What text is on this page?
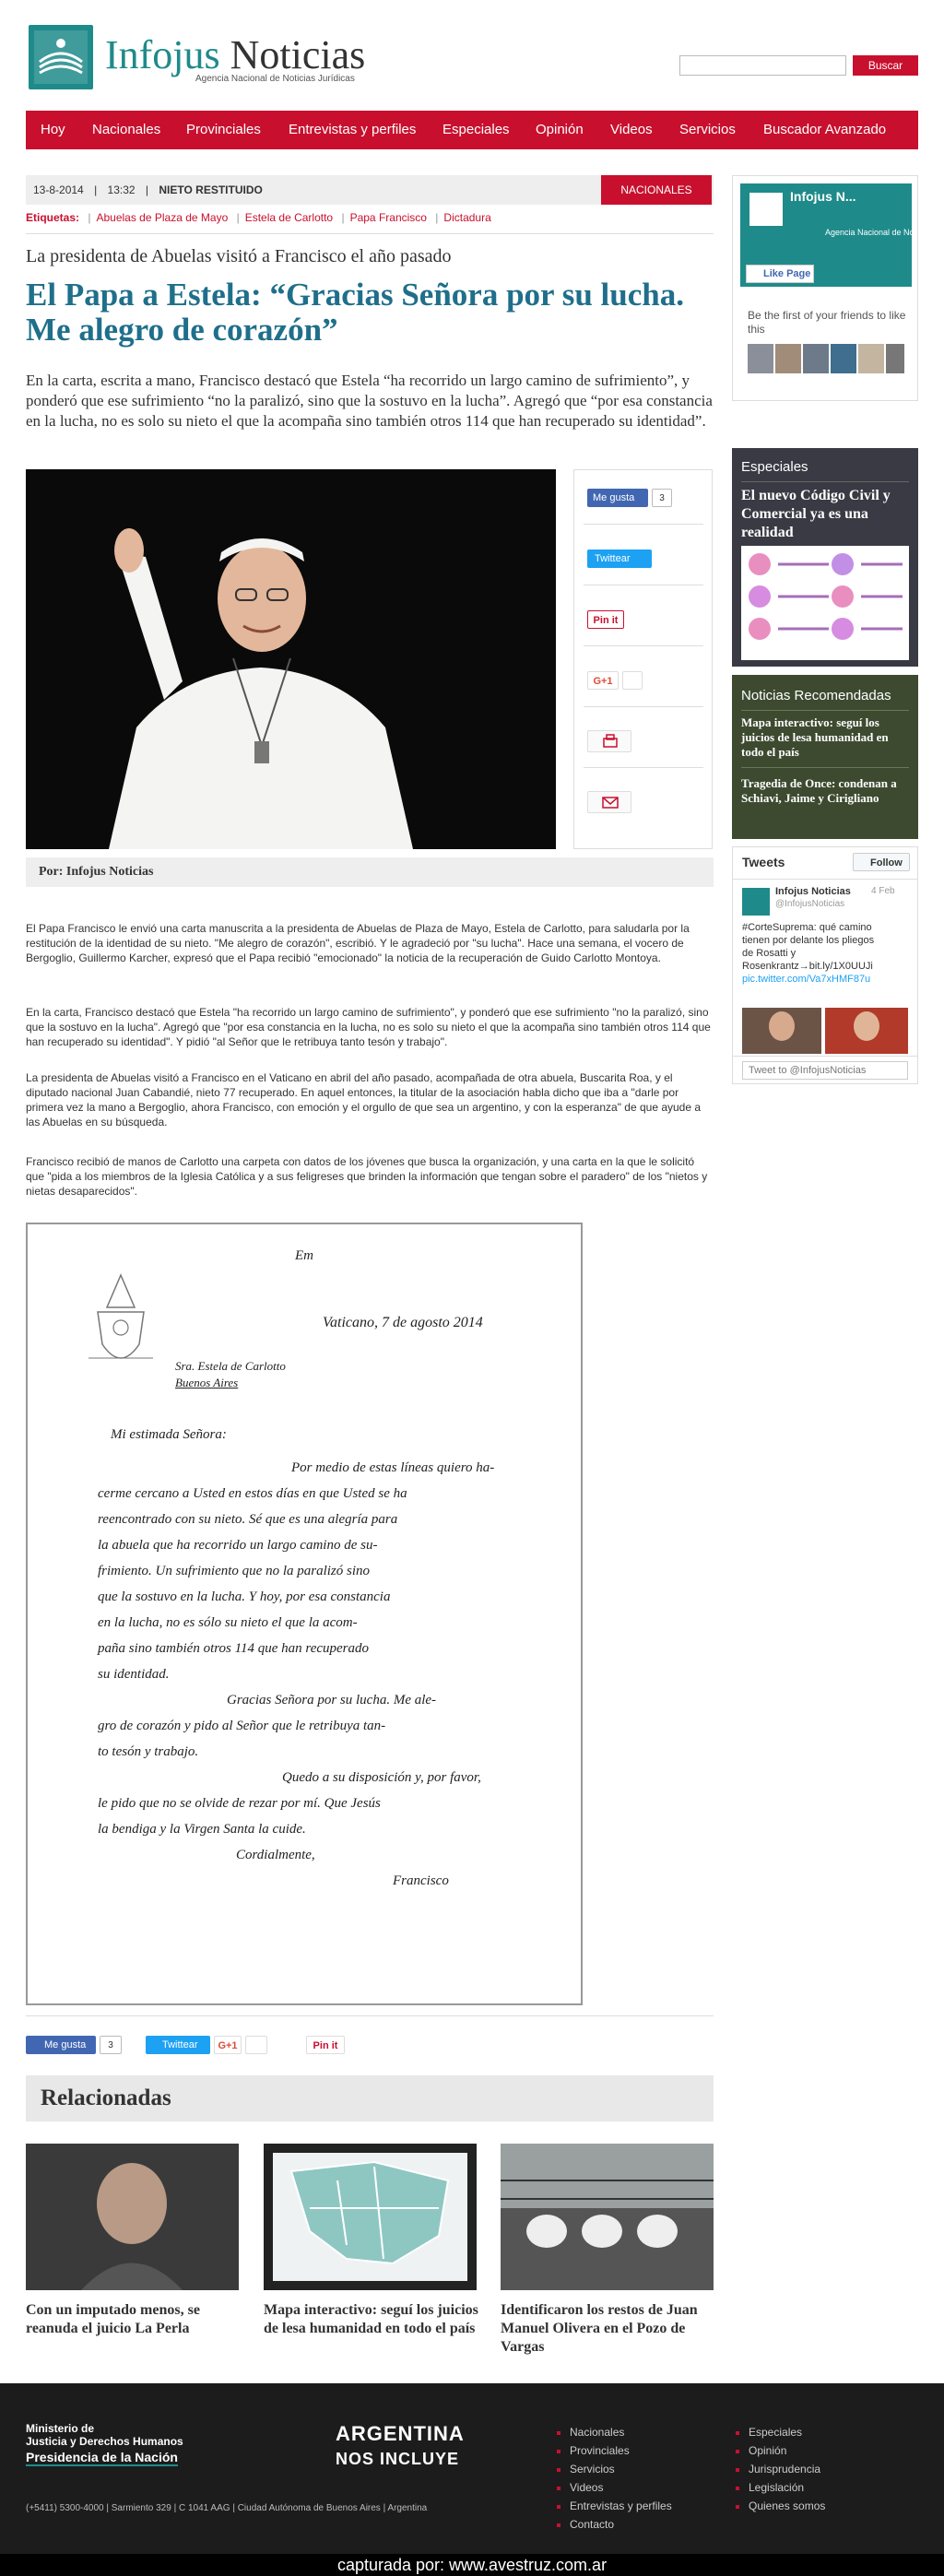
Infojus Noticias
Agencia Nacional de Noticias Jurídicas
Buscar
Hoy Nacionales Provinciales Entrevistas y perfiles Especiales Opinión Videos Servicios Buscador Avanzado
13-8-2014 | 13:32 | NIETO RESTITUIDO	NACIONALES
Etiquetas: | Abuelas de Plaza de Mayo | Estela de Carlotto | Papa Francisco | Dictadura
La presidenta de Abuelas visitó a Francisco el año pasado
El Papa a Estela: “Gracias Señora por su lucha. Me alegro de corazón”
En la carta, escrita a mano, Francisco destacó que Estela “ha recorrido un largo camino de sufrimiento”, y ponderó que ese sufrimiento “no la paralizó, sino que la sostuvo en la lucha”. Agregó que “por esa constancia en la lucha, no es solo su nieto el que la acompaña sino también otros 114 que han recuperado su identidad”.
Me gusta	3
Twittear
Pin it
G+1
Por: Infojus Noticias
El Papa Francisco le envió una carta manuscrita a la presidenta de Abuelas de Plaza de Mayo, Estela de Carlotto, para saludarla por la restitución de la identidad de su nieto. "Me alegro de corazón", escribió. Y le agradeció por "su lucha". Hace una semana, el vocero de Bergoglio, Guillermo Karcher, expresó que el Papa recibió "emocionado" la noticia de la recuperación de Guido Carlotto Montoya.
En la carta, Francisco destacó que Estela "ha recorrido un largo camino de sufrimiento", y ponderó que ese sufrimiento "no la paralizó, sino que la sostuvo en la lucha". Agregó que "por esa constancia en la lucha, no es solo su nieto el que la acompaña sino también otros 114 que han recuperado su identidad". Y pidió "al Señor que le retribuya tanto tesón y trabajo".
La presidenta de Abuelas visitó a Francisco en el Vaticano en abril del año pasado, acompañada de otra abuela, Buscarita Roa, y el diputado nacional Juan Cabandié, nieto 77 recuperado. En aquel entonces, la titular de la asociación habla dicho que iba a "darle por primera vez la mano a Bergoglio, ahora Francisco, con emoción y el orgullo de que sea un argentino, y con la esperanza" de que ayude a las Abuelas en su búsqueda.
Francisco recibió de manos de Carlotto una carpeta con datos de los jóvenes que busca la organización, y una carta en la que le solicitó que "pida a los miembros de la Iglesia Católica y a sus feligreses que brinden la información que tengan sobre el paradero" de los "nietos y nietas desaparecidos".
Em
Vaticano, 7 de agosto 2014
Sra. Estela de Carlotto
Buenos Aires
Mi estimada Señora:
Por medio de estas líneas quiero ha-
cerme cercano a Usted en estos días en que Usted se ha
reencontrado con su nieto. Sé que es una alegría para
la abuela que ha recorrido un largo camino de su-
frimiento. Un sufrimiento que no la paralizó sino
que la sostuvo en la lucha. Y hoy, por esa constancia
en la lucha, no es sólo su nieto el que la acom-
paña sino también otros 114 que han recuperado
su identidad.
Gracias Señora por su lucha. Me ale-
gro de corazón y pido al Señor que le retribuya tan-
to tesón y trabajo.
Quedo a su disposición y, por favor,
le pido que no se olvide de rezar por mí. Que Jesús
la bendiga y la Virgen Santa la cuide.
Cordialmente,
Francisco
Me gusta	3	Twittear	G+1	Pin it
Relacionadas
Con un imputado menos, se reanuda el juicio La Perla
Mapa interactivo: seguí los juicios de lesa humanidad en todo el país
Identificaron los restos de Juan Manuel Olivera en el Pozo de Vargas
Infojus N...
Agencia Nacional de No
Like Page
Be the first of your friends to like this
Especiales
El nuevo Código Civil y Comercial ya es una realidad
Noticias Recomendadas
Mapa interactivo: seguí los juicios de lesa humanidad en todo el país
Tragedia de Once: condenan a Schiavi, Jaime y Cirigliano
Tweets	Follow
Infojus Noticias 4 Feb
@InfojusNoticias
#CorteSuprema: qué camino
tienen por delante los pliegos
de Rosatti y
Rosenkrantz→bit.ly/1X0UUJi
pic.twitter.com/Va7xHMF87u
Tweet to @InfojusNoticias
Ministerio de
Justicia y Derechos Humanos
Presidencia de la Nación
ARGENTINA
NOS INCLUYE
(+5411) 5300-4000 | Sarmiento 329 | C 1041 AAG | Ciudad Autónoma de Buenos Aires | Argentina
Nacionales
Provinciales
Servicios
Videos
Entrevistas y perfiles
Contacto
Especiales
Opinión
Jurisprudencia
Legislación
Quienes somos
capturada por: www.avestruz.com.ar
